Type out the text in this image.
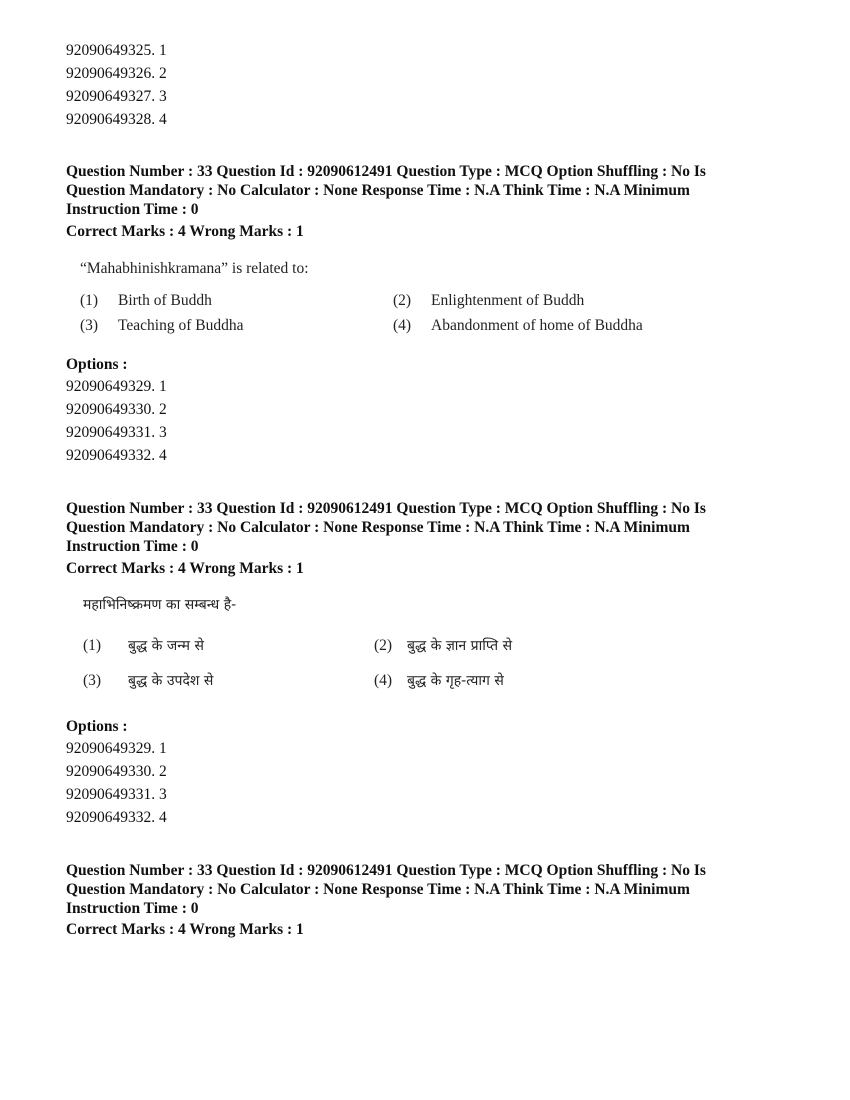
92090649325. 1
92090649326. 2
92090649327. 3
92090649328. 4
Question Number : 33 Question Id : 92090612491 Question Type : MCQ Option Shuffling : No Is Question Mandatory : No Calculator : None Response Time : N.A Think Time : N.A Minimum Instruction Time : 0
Correct Marks : 4 Wrong Marks : 1
“Mahabhinishkramana” is related to:
(1) Birth of Buddh	(2) Enlightenment of Buddh
(3) Teaching of Buddha	(4) Abandonment of home of Buddha
Options :
92090649329. 1
92090649330. 2
92090649331. 3
92090649332. 4
Question Number : 33 Question Id : 92090612491 Question Type : MCQ Option Shuffling : No Is Question Mandatory : No Calculator : None Response Time : N.A Think Time : N.A Minimum Instruction Time : 0
Correct Marks : 4 Wrong Marks : 1
महाभिनिष्क्रमण का सम्बन्ध है-
(1) बुद्ध के जन्म से	(2) बुद्ध के ज्ञान प्राप्ति से
(3) बुद्ध के उपदेश से	(4) बुद्ध के गृह-त्याग से
Options :
92090649329. 1
92090649330. 2
92090649331. 3
92090649332. 4
Question Number : 33 Question Id : 92090612491 Question Type : MCQ Option Shuffling : No Is Question Mandatory : No Calculator : None Response Time : N.A Think Time : N.A Minimum Instruction Time : 0
Correct Marks : 4 Wrong Marks : 1
